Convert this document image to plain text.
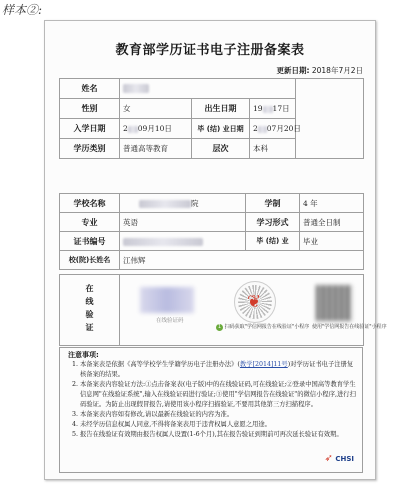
样本②:
教育部学历证书电子注册备案表
更新日期: 2018年7月2日
姓名				

性别	女	出生日期	19 17日	
入学日期	2 09月10日	毕 (结) 业日期	2 07月20日	
学历类别	普通高等教育	层次	本科	
学校名称	院	学制	4 年
专业	英语	学习形式	普通全日制
证书编号		毕 (结) 业	毕业
校(院)长姓名	江伟辉		
在线验证	在线验证码
❦
1 扫码获取"学信网报告在线验证"小程序 使用"学信网报告在线验证"小程序
注意事项:
1. 本备案表是依据《高等学校学生学籍学历电子注册办法》(教学[2014]11号)对学历证书电子注册复核备案的结果。
2. 本备案表内容验证方法:①点击备案表(电子版)中的在线验证码,可在线验证;②登录中国高等教育学生信息网"在线验证系统",输入在线验证码进行验证;③使用"学信网报告在线验证"的微信小程序,进行扫码验证。为防止出现假冒报告,请使用该小程序扫描验证,不要用其他第三方扫描程序。
3. 本备案表内容如有修改,请以最新在线验证的内容为准。
4. 未经学历信息权属人同意,不得将备案表用于违背权属人意愿之用途。
5. 报告在线验证有效期由报告权属人设置(1-6个月),其在报告验证到期前可再次延长验证有效期。
➶ CHSI
